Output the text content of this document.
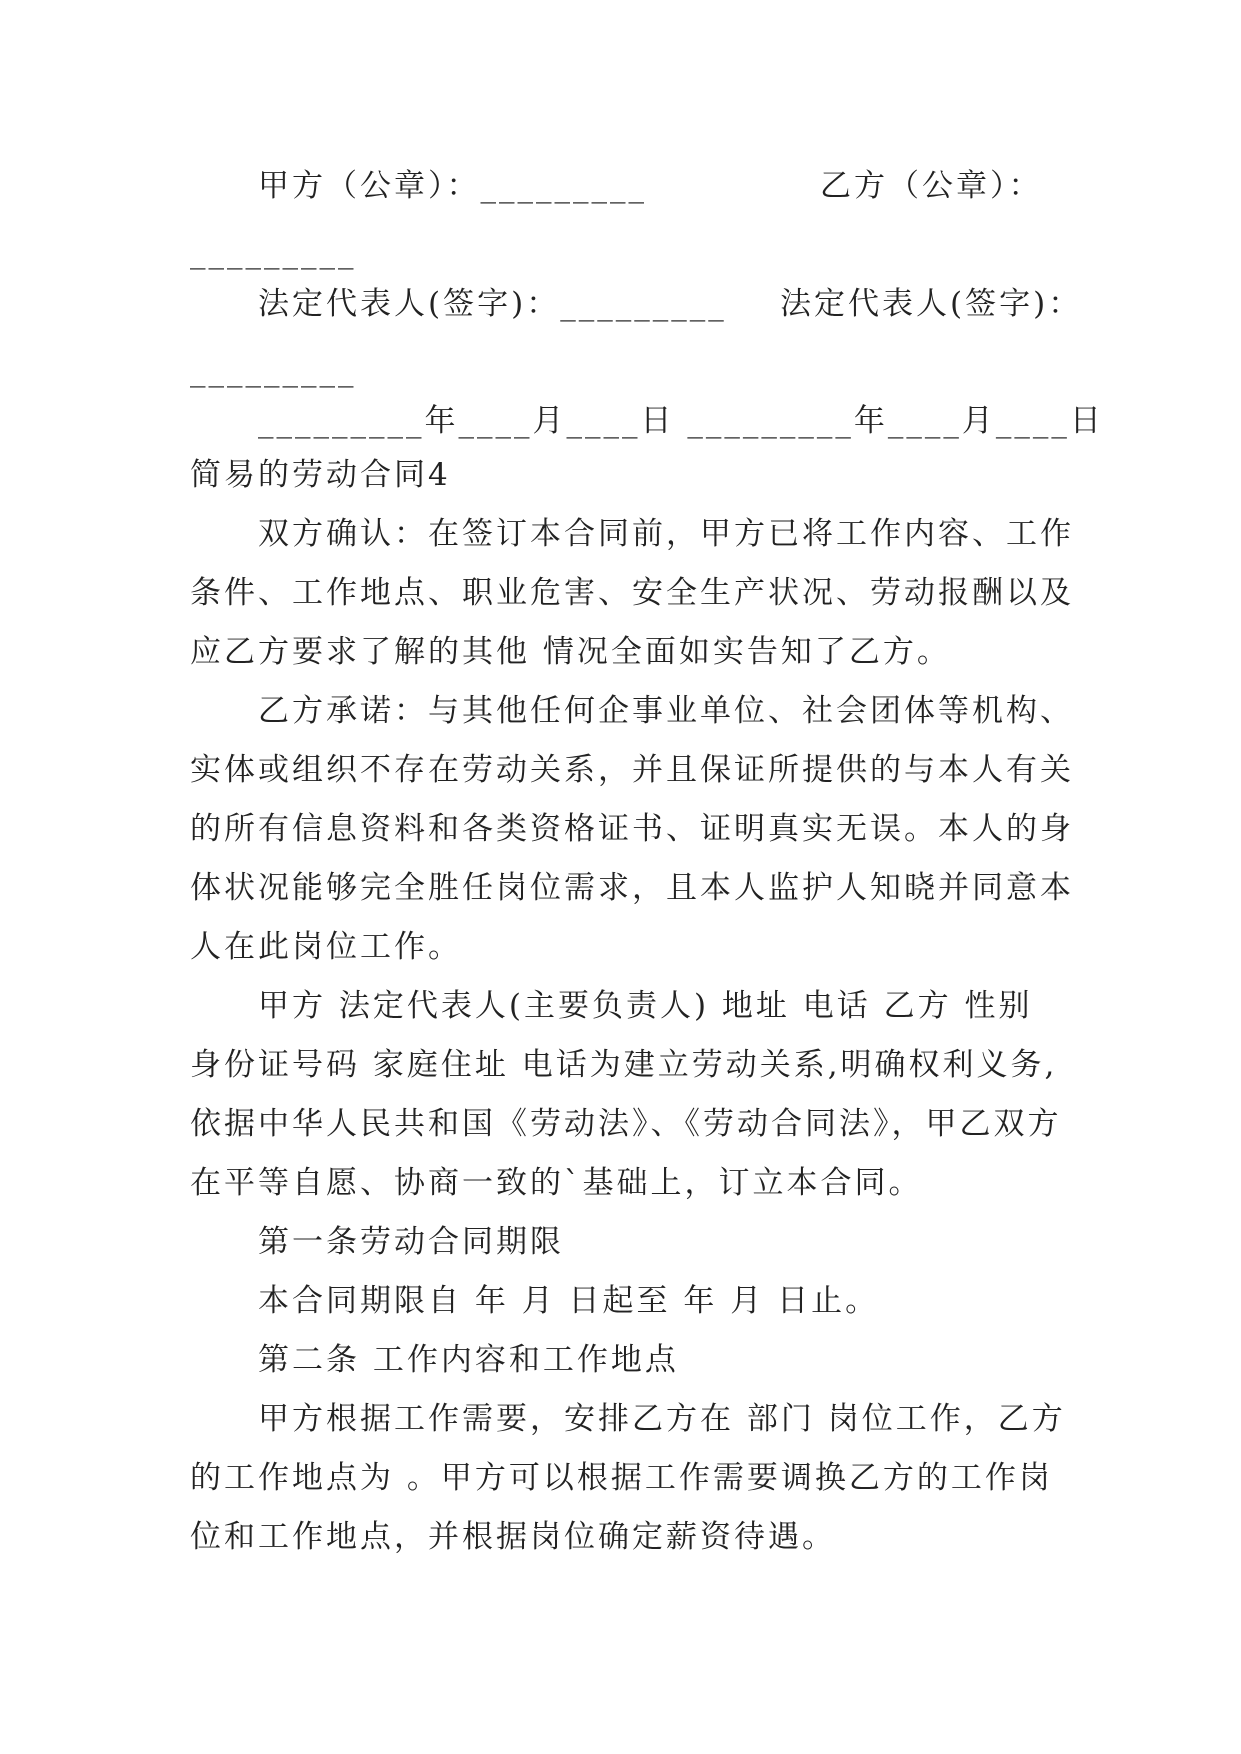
甲方（公章）：_________	乙方（公章）：
_________
法定代表人(签字)：_________ 法定代表人(签字)：
_________
_________年____月____日 _________年____月____日
简易的劳动合同4
双方确认：在签订本合同前，甲方已将工作内容、工作
条件、工作地点、职业危害、安全生产状况、劳动报酬以及
应乙方要求了解的其他 情况全面如实告知了乙方。
乙方承诺：与其他任何企事业单位、社会团体等机构、
实体或组织不存在劳动关系，并且保证所提供的与本人有关
的所有信息资料和各类资格证书、证明真实无误。本人的身
体状况能够完全胜任岗位需求，且本人监护人知晓并同意本
人在此岗位工作。
甲方 法定代表人(主要负责人) 地址 电话 乙方 性别
身份证号码 家庭住址 电话为建立劳动关系,明确权利义务,
依据中华人民共和国《劳动法》、《劳动合同法》，甲乙双方
在平等自愿、协商一致的`基础上，订立本合同。
第一条劳动合同期限
本合同期限自 年 月 日起至 年 月 日止。
第二条 工作内容和工作地点
甲方根据工作需要，安排乙方在 部门 岗位工作，乙方
的工作地点为 。甲方可以根据工作需要调换乙方的工作岗
位和工作地点，并根据岗位确定薪资待遇。
